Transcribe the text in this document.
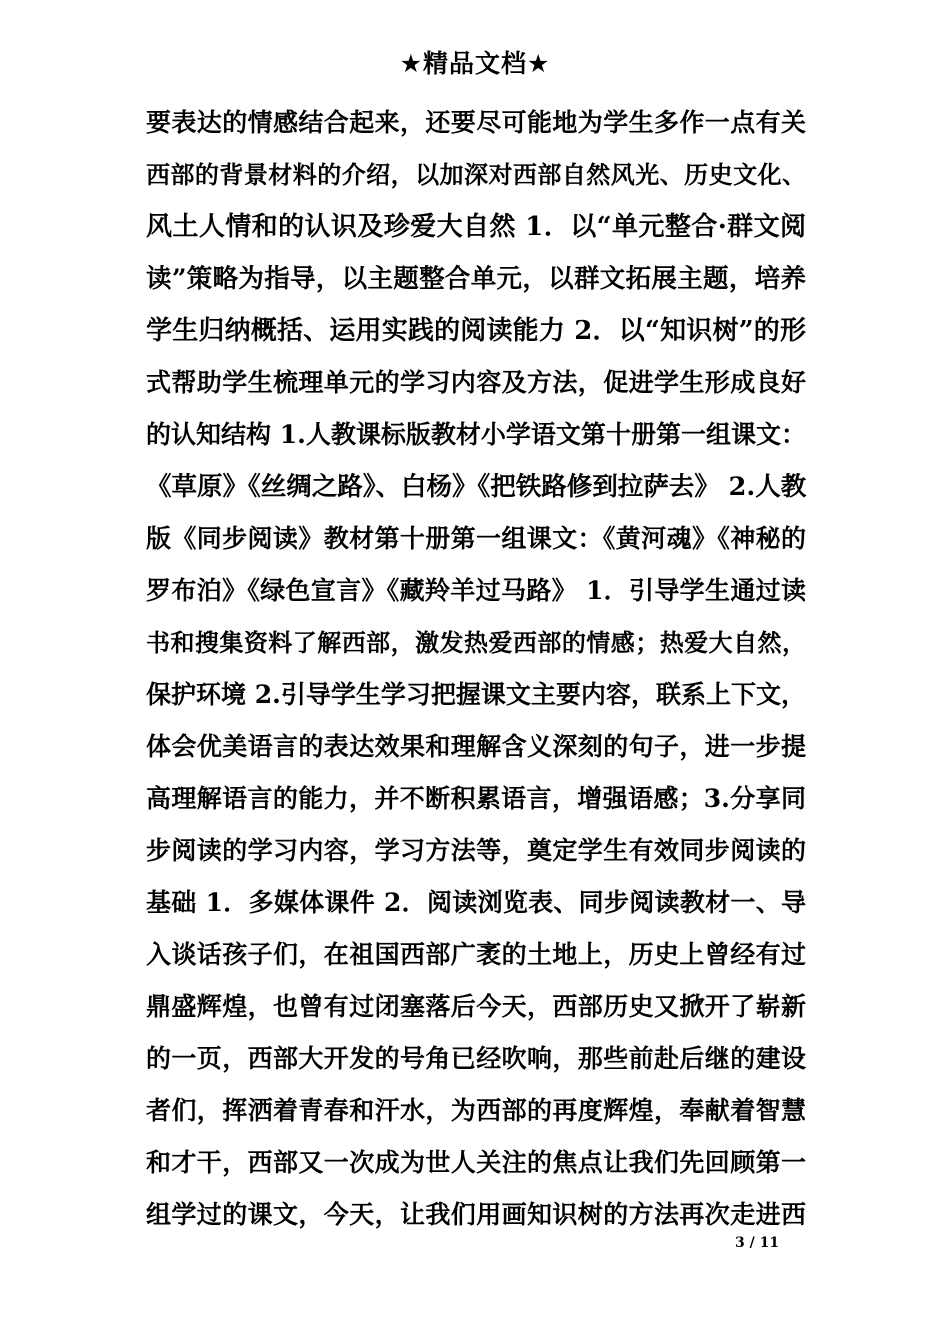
★精品文档★
要表达的情感结合起来，还要尽可能地为学生多作一点有关
西部的背景材料的介绍，以加深对西部自然风光、历史文化、
风土人情和的认识及珍爱大自然 1．以“单元整合·群文阅
读”策略为指导，以主题整合单元，以群文拓展主题，培养
学生归纳概括、运用实践的阅读能力 2．以“知识树”的形
式帮助学生梳理单元的学习内容及方法，促进学生形成良好
的认知结构 1.人教课标版教材小学语文第十册第一组课文：
《草原》《丝绸之路》、白杨》《把铁路修到拉萨去》 2.人教
版《同步阅读》教材第十册第一组课文：《黄河魂》《神秘的
罗布泊》《绿色宣言》《藏羚羊过马路》 1．引导学生通过读
书和搜集资料了解西部，激发热爱西部的情感；热爱大自然，
保护环境 2.引导学生学习把握课文主要内容，联系上下文，
体会优美语言的表达效果和理解含义深刻的句子，进一步提
高理解语言的能力，并不断积累语言，增强语感；3.分享同
步阅读的学习内容，学习方法等，奠定学生有效同步阅读的
基础 1．多媒体课件 2．阅读浏览表、同步阅读教材一、导
入谈话孩子们，在祖国西部广袤的土地上，历史上曾经有过
鼎盛辉煌，也曾有过闭塞落后今天，西部历史又掀开了崭新
的一页，西部大开发的号角已经吹响，那些前赴后继的建设
者们，挥洒着青春和汗水，为西部的再度辉煌，奉献着智慧
和才干，西部又一次成为世人关注的焦点让我们先回顾第一
组学过的课文，今天，让我们用画知识树的方法再次走进西
3 / 11
